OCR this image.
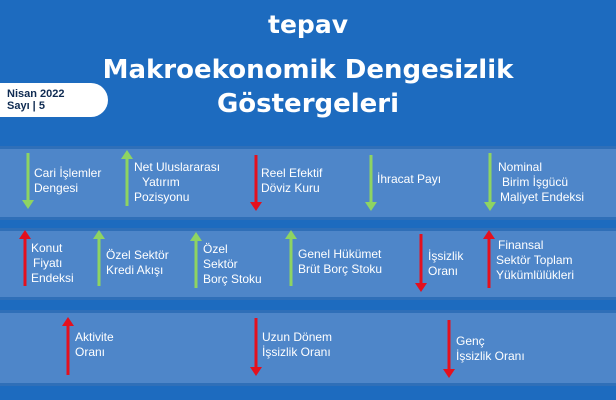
tepav
Makroekonomik Dengesizlik
Göstergeleri
Nisan 2022
Sayı | 5
Cari İşlemler
Dengesi
Net Uluslararası
Yatırım
Pozisyonu
Reel Efektif
Döviz Kuru
İhracat Payı
Nominal
Birim İşgücü
Maliyet Endeksi
Konut
Fiyatı
Endeksi
Özel Sektör
Kredi Akışı
Özel
Sektör
Borç Stoku
Genel Hükümet
Brüt Borç Stoku
İşsizlik
Oranı
Finansal
Sektör Toplam
Yükümlülükleri
Aktivite
Oranı
Uzun Dönem
İşsizlik Oranı
Genç
İşsizlik Oranı
